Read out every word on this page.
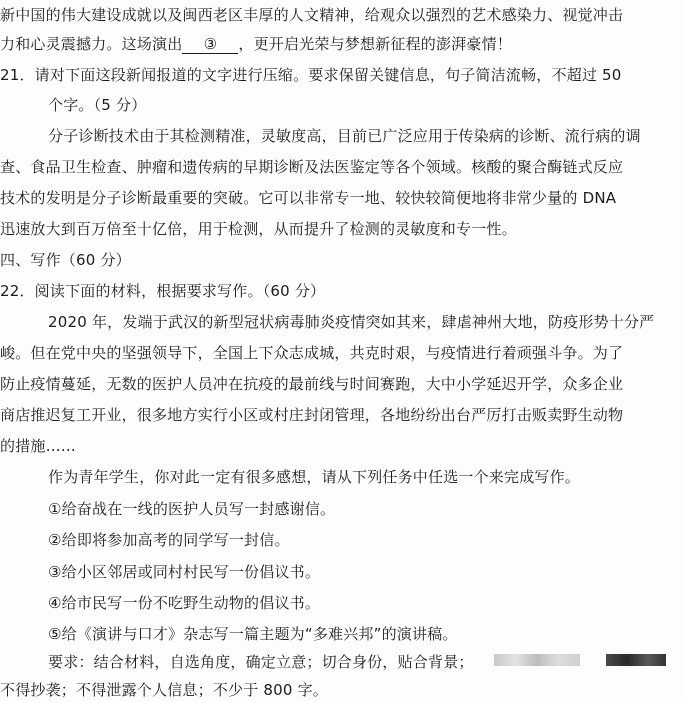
新中国的伟大建设成就以及闽西老区丰厚的人文精神，给观众以强烈的艺术感染力、视觉冲击
力和心灵震撼力。这场演出 ③ ，更开启光荣与梦想新征程的澎湃豪情！
21．请对下面这段新闻报道的文字进行压缩。要求保留关键信息，句子简洁流畅，不超过 50
个字。（5 分）
分子诊断技术由于其检测精准，灵敏度高，目前已广泛应用于传染病的诊断、流行病的调
查、食品卫生检查、肿瘤和遗传病的早期诊断及法医鉴定等各个领域。核酸的聚合酶链式反应
技术的发明是分子诊断最重要的突破。它可以非常专一地、较快较简便地将非常少量的 DNA
迅速放大到百万倍至十亿倍，用于检测，从而提升了检测的灵敏度和专一性。
四、写作（60 分）
22．阅读下面的材料，根据要求写作。（60 分）
2020 年，发端于武汉的新型冠状病毒肺炎疫情突如其来，肆虐神州大地，防疫形势十分严
峻。但在党中央的坚强领导下，全国上下众志成城，共克时艰，与疫情进行着顽强斗争。为了
防止疫情蔓延，无数的医护人员冲在抗疫的最前线与时间赛跑，大中小学延迟开学，众多企业
商店推迟复工开业，很多地方实行小区或村庄封闭管理，各地纷纷出台严厉打击贩卖野生动物
的措施……
作为青年学生，你对此一定有很多感想，请从下列任务中任选一个来完成写作。
①给奋战在一线的医护人员写一封感谢信。
②给即将参加高考的同学写一封信。
③给小区邻居或同村村民写一份倡议书。
④给市民写一份不吃野生动物的倡议书。
⑤给《演讲与口才》杂志写一篇主题为“多难兴邦”的演讲稿。
要求：结合材料，自选角度，确定立意；切合身份，贴合背景；
不得抄袭；不得泄露个人信息；不少于 800 字。
